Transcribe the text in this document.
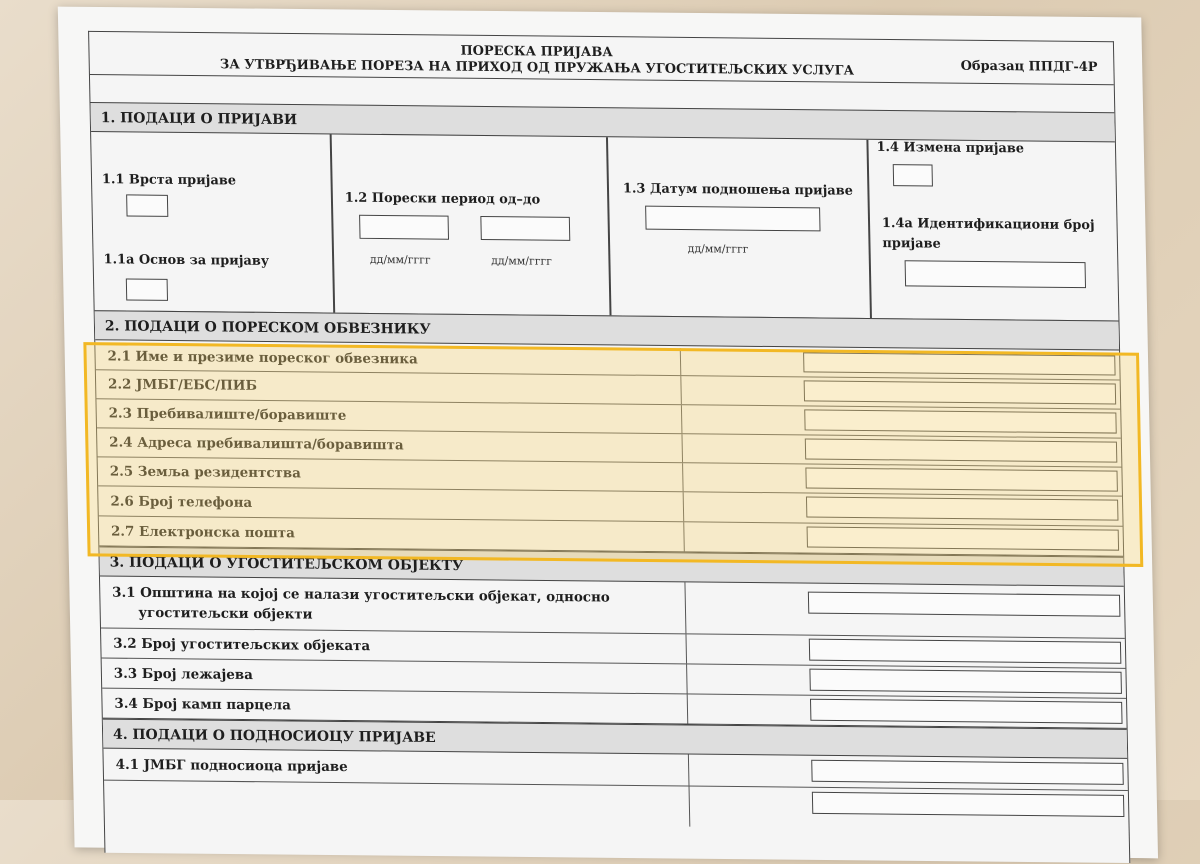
ПОРЕСКА ПРИЈАВА
ЗА УТВРЂИВАЊЕ ПОРЕЗА НА ПРИХОД ОД ПРУЖАЊА УГОСТИТЕЉСКИХ УСЛУГА	Образац ППДГ-4Р
1. ПОДАЦИ О ПРИЈАВИ
1.1 Врста пријаве
1.1а Основ за пријаву
1.2 Порески период од–до
дд/мм/гггг	дд/мм/гггг
1.3 Датум подношења пријаве
дд/мм/гггг
1.4 Измена пријаве
1.4а Идентификациони број
пријаве
2. ПОДАЦИ О ПОРЕСКОМ ОБВЕЗНИКУ
2.1 Име и презиме пореског обвезника
2.2 ЈМБГ/ЕБС/ПИБ
2.3 Пребивалиште/боравиште
2.4 Адреса пребивалишта/боравишта
2.5 Земља резидентства
2.6 Број телефона
2.7 Електронска пошта
3. ПОДАЦИ О УГОСТИТЕЉСКОМ ОБЈЕКТУ
3.1 Општина на којој се налази угоститељски објекат, односно
угоститељски објекти
3.2 Број угоститељских објеката
3.3 Број лежајева
3.4 Број камп парцела
4. ПОДАЦИ О ПОДНОСИОЦУ ПРИЈАВЕ
4.1 ЈМБГ подносиоца пријаве
